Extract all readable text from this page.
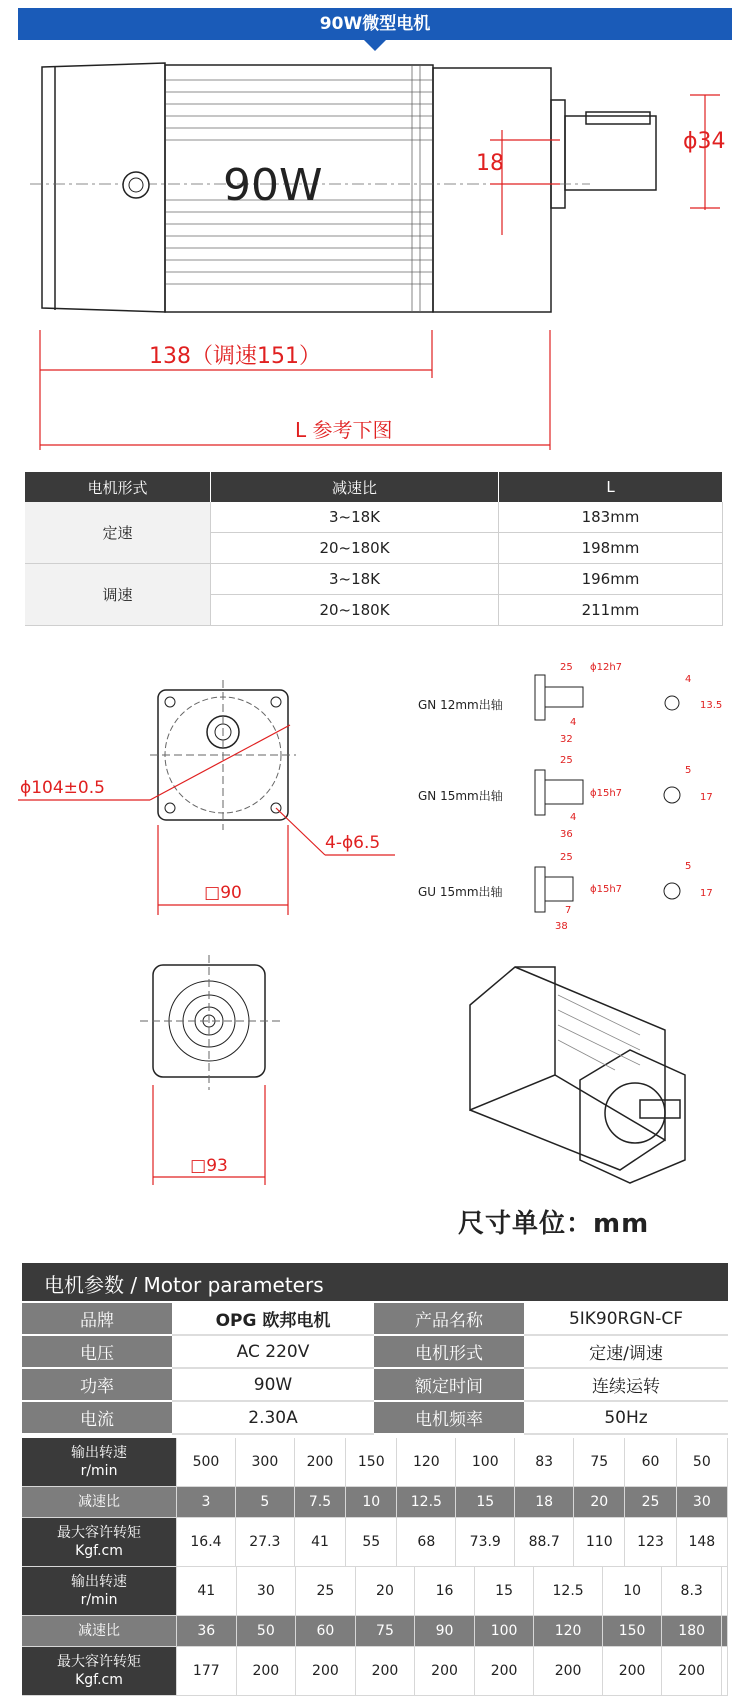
90W微型电机
90W	18
ϕ34
138（调速151）
L 参考下图
电机形式	减速比	L
定速	3~18K	183mm
	20~180K	198mm
调速	3~18K	196mm
	20~180K	211mm
ϕ104±0.5
4-ϕ6.5
□90
GN 12mm出轴
GN 15mm出轴
GU 15mm出轴
25 ϕ12h7
4
32
4
13.5
25
ϕ15h7
4
36
5
17
25
ϕ15h7
7
38
5
17
□93
尺寸单位：mm
电机参数 / Motor parameters
品牌	OPG 欧邦电机	产品名称	5IK90RGN-CF
电压	AC 220V	电机形式	定速/调速
功率	90W	额定时间	连续运转
电流	2.30A	电机频率	50Hz
输出转速
r/min	500	300	200	150	120	100	83	75	60	50
减速比	3	5	7.5	10	12.5	15	18	20	25	30
最大容许转矩
Kgf.cm	16.4	27.3	41	55	68	73.9	88.7	110	123	148
输出转速
r/min	41	30	25	20	16	15	12.5	10	8.3	
减速比	36	50	60	75	90	100	120	150	180	
最大容许转矩
Kgf.cm	177	200	200	200	200	200	200	200	200	
